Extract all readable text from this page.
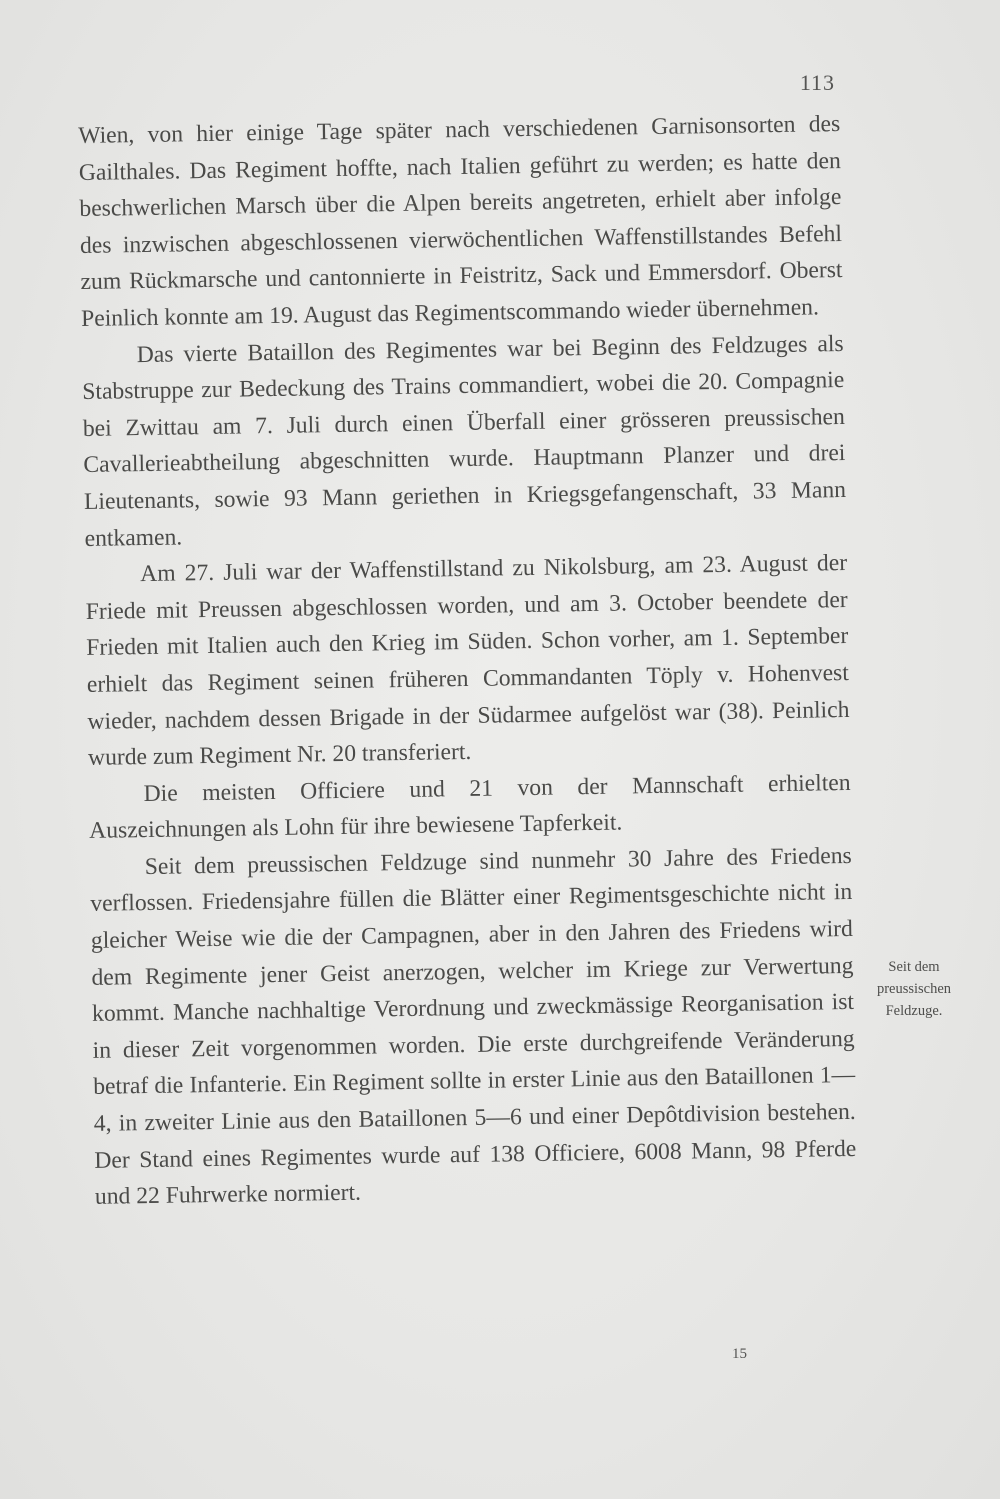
113

Wien, von hier einige Tage später nach verschiedenen Garnisonsorten des Gailthales. Das Regiment hoffte, nach Italien geführt zu werden; es hatte den beschwerlichen Marsch über die Alpen bereits angetreten, erhielt aber infolge des inzwischen abgeschlossenen vierwöchentlichen Waffenstillstandes Befehl zum Rückmarsche und cantonnierte in Feistritz, Sack und Emmersdorf. Oberst Peinlich konnte am 19. August das Regimentscommando wieder übernehmen.

Das vierte Bataillon des Regimentes war bei Beginn des Feldzuges als Stabstruppe zur Bedeckung des Trains commandiert, wobei die 20. Compagnie bei Zwittau am 7. Juli durch einen Überfall einer grösseren preussischen Cavallerieabtheilung abgeschnitten wurde. Hauptmann Planzer und drei Lieutenants, sowie 93 Mann geriethen in Kriegsgefangenschaft, 33 Mann entkamen.

Am 27. Juli war der Waffenstillstand zu Nikolsburg, am 23. August der Friede mit Preussen abgeschlossen worden, und am 3. October beendete der Frieden mit Italien auch den Krieg im Süden. Schon vorher, am 1. September erhielt das Regiment seinen früheren Commandanten Töply v. Hohenvest wieder, nachdem dessen Brigade in der Südarmee aufgelöst war (38). Peinlich wurde zum Regiment Nr. 20 transferiert.

Die meisten Officiere und 21 von der Mannschaft erhielten Auszeichnungen als Lohn für ihre bewiesene Tapferkeit.

Seit dem preussischen Feldzuge sind nunmehr 30 Jahre des Friedens verflossen. Friedensjahre füllen die Blätter einer Regimentsgeschichte nicht in gleicher Weise wie die der Campagnen, aber in den Jahren des Friedens wird dem Regimente jener Geist anerzogen, welcher im Kriege zur Verwertung kommt. Manche nachhaltige Verordnung und zweckmässige Reorganisation ist in dieser Zeit vorgenommen worden. Die erste durchgreifende Veränderung betraf die Infanterie. Ein Regiment sollte in erster Linie aus den Bataillonen 1—4, in zweiter Linie aus den Bataillonen 5—6 und einer Depôtdivision bestehen. Der Stand eines Regimentes wurde auf 138 Officiere, 6008 Mann, 98 Pferde und 22 Fuhrwerke normiert.

Seit dem
preussischen
Feldzuge.
15
